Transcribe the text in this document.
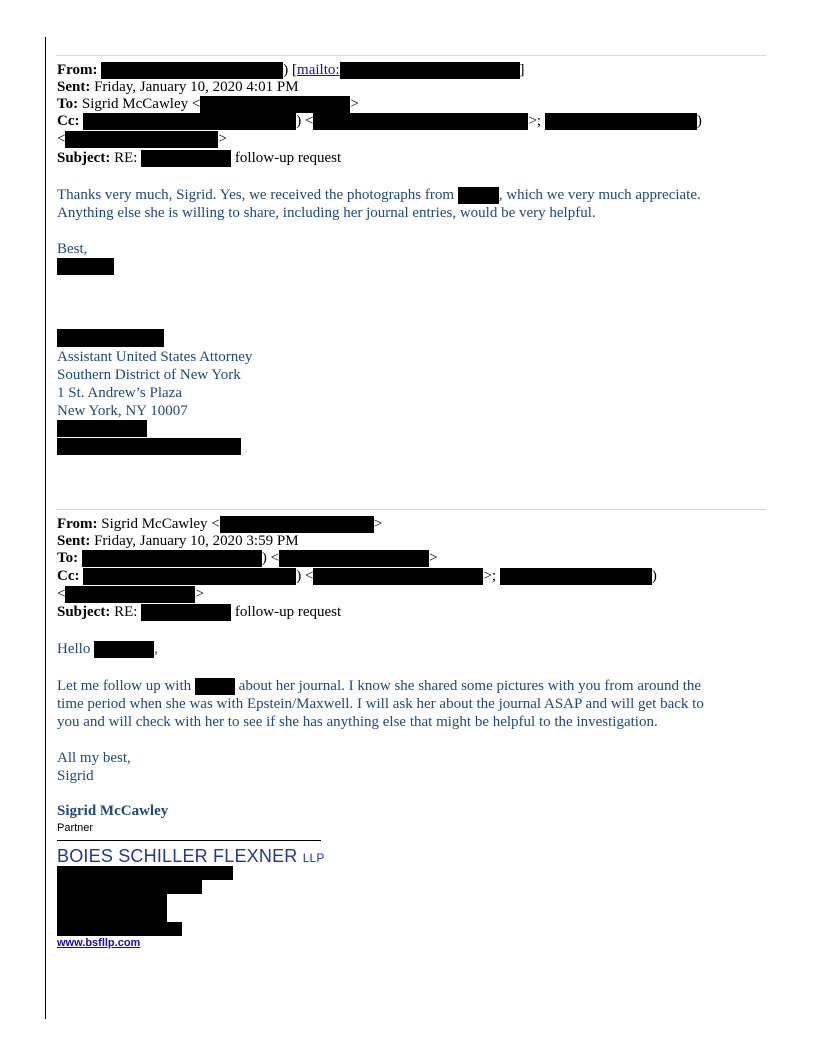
From:	) [mailto:	]
Sent: Friday, January 10, 2020 4:01 PM
To: Sigrid McCawley <	>
Cc:	) <	>;	)
<	>
Subject: RE:	follow-up request
Thanks very much, Sigrid. Yes, we received the photographs from	, which we very much appreciate.
Anything else she is willing to share, including her journal entries, would be very helpful.
Best,
Assistant United States Attorney
Southern District of New York
1 St. Andrew’s Plaza
New York, NY 10007
From: Sigrid McCawley <	>
Sent: Friday, January 10, 2020 3:59 PM
To:	) <	>
Cc:	) <	>;	)
<	>
Subject: RE:	follow-up request
Hello	,
Let me follow up with	about her journal. I know she shared some pictures with you from around the
time period when she was with Epstein/Maxwell. I will ask her about the journal ASAP and will get back to
you and will check with her to see if she has anything else that might be helpful to the investigation.
All my best,
Sigrid
Sigrid McCawley
Partner
BOIES SCHILLER FLEXNER LLP
www.bsfllp.com
